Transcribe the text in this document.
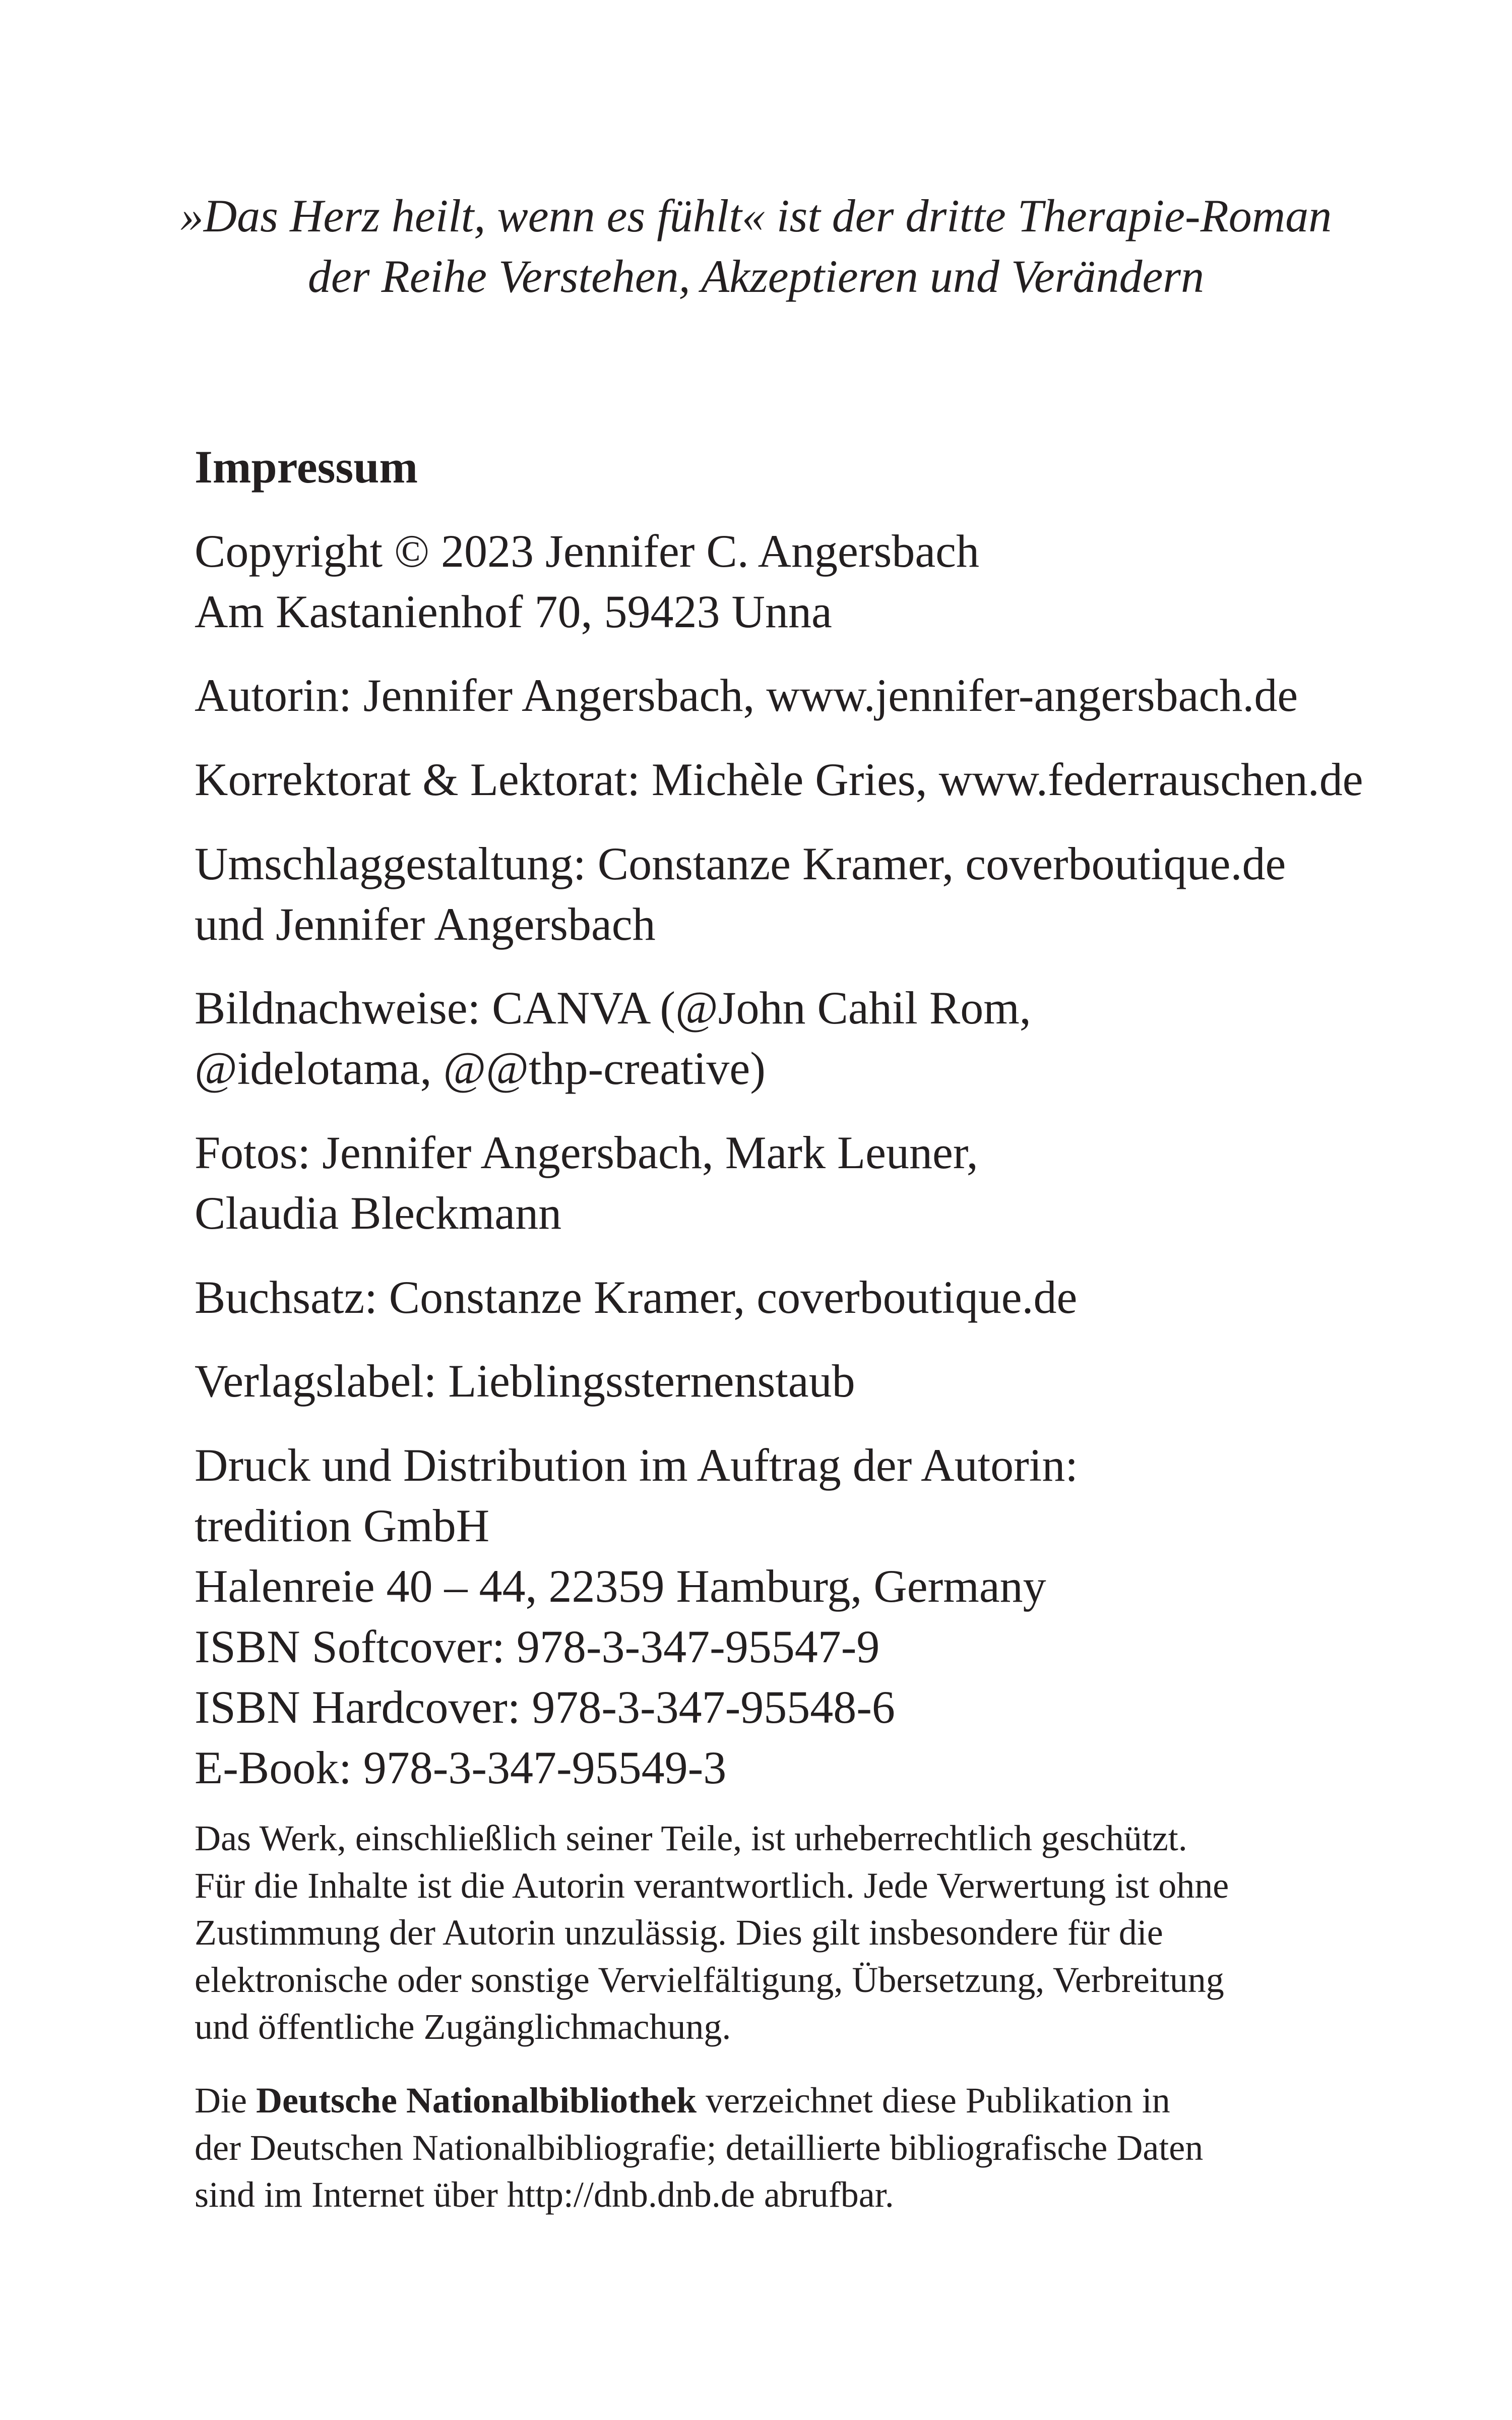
»Das Herz heilt, wenn es fühlt« ist der dritte Therapie-Roman
der Reihe Verstehen, Akzeptieren und Verändern
Impressum
Copyright © 2023 Jennifer C. Angersbach
Am Kastanienhof 70, 59423 Unna
Autorin: Jennifer Angersbach, www.jennifer-angersbach.de
Korrektorat & Lektorat: Michèle Gries, www.federrauschen.de
Umschlaggestaltung: Constanze Kramer, coverboutique.de
und Jennifer Angersbach
Bildnachweise: CANVA (@John Cahil Rom,
@idelotama, @@thp-creative)
Fotos: Jennifer Angersbach, Mark Leuner,
Claudia Bleckmann
Buchsatz: Constanze Kramer, coverboutique.de
Verlagslabel: Lieblingssternenstaub
Druck und Distribution im Auftrag der Autorin:
tredition GmbH
Halenreie 40 – 44, 22359 Hamburg, Germany
ISBN Softcover: 978-3-347-95547-9
ISBN Hardcover: 978-3-347-95548-6
E-Book: 978-3-347-95549-3
Das Werk, einschließlich seiner Teile, ist urheberrechtlich geschützt.
Für die Inhalte ist die Autorin verantwortlich. Jede Verwertung ist ohne
Zustimmung der Autorin unzulässig. Dies gilt insbesondere für die
elektronische oder sonstige Vervielfältigung, Übersetzung, Verbreitung
und öffentliche Zugänglichmachung.
Die Deutsche Nationalbibliothek verzeichnet diese Publikation in
der Deutschen Nationalbibliografie; detaillierte bibliografische Daten
sind im Internet über http://dnb.dnb.de abrufbar.
